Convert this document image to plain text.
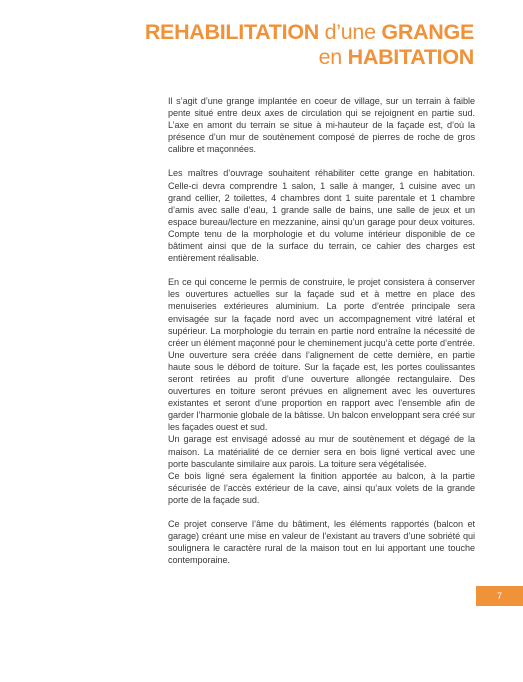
REHABILITATION d’une GRANGE
en HABITATION

Il s’agit d’une grange implantée en coeur de village, sur un terrain à faible pente situé entre deux axes de circulation qui se rejoignent en partie sud. L’axe en amont du terrain se situe à mi-hauteur de la façade est, d’où la présence d’un mur de soutènement composé de pierres de roche de gros calibre et maçonnées.

Les maîtres d’ouvrage souhaitent réhabiliter cette grange en habitation. Celle-ci devra comprendre 1 salon, 1 salle à manger, 1 cuisine avec un grand cellier, 2 toilettes, 4 chambres dont 1 suite parentale et 1 chambre d’amis avec salle d’eau, 1 grande salle de bains, une salle de jeux et un espace bureau/lecture en mezzanine, ainsi qu’un garage pour deux voitures. Compte tenu de la morphologie et du volume intérieur disponible de ce bâtiment ainsi que de la surface du terrain, ce cahier des charges est entièrement réalisable.

En ce qui concerne le permis de construire, le projet consistera à conserver les ouvertures actuelles sur la façade sud et à mettre en place des menuiseries extérieures aluminium. La porte d’entrée principale sera envisagée sur la façade nord avec un accompagnement vitré latéral et supérieur. La morphologie du terrain en partie nord entraîne la nécessité de créer un élément maçonné pour le cheminement jucqu’à cette porte d’entrée. Une ouverture sera créée dans l’alignement de cette dernière, en partie haute sous le débord de toiture. Sur la façade est, les portes coulissantes seront retirées au profit d’une ouverture allongée rectangulaire. Des ouvertures en toiture seront prévues en alignement avec les ouvertures existantes et seront d’une proportion en rapport avec l’ensemble afin de garder l’harmonie globale de la bâtisse. Un balcon enveloppant sera créé sur les façades ouest et sud.

Un garage est envisagé adossé au mur de soutènement et dégagé de la maison. La matérialité de ce dernier sera en bois ligné vertical avec une porte basculante similaire aux parois. La toiture sera végétalisée.

Ce bois ligné sera également la finition apportée au balcon, à la partie sécurisée de l’accès extérieur de la cave, ainsi qu’aux volets de la grande porte de la façade sud.

Ce projet conserve l’âme du bâtiment, les éléments rapportés (balcon et garage) créant une mise en valeur de l’existant au travers d’une sobriété qui soulignera le caractère rural de la maison tout en lui apportant une touche contemporaine.

7
